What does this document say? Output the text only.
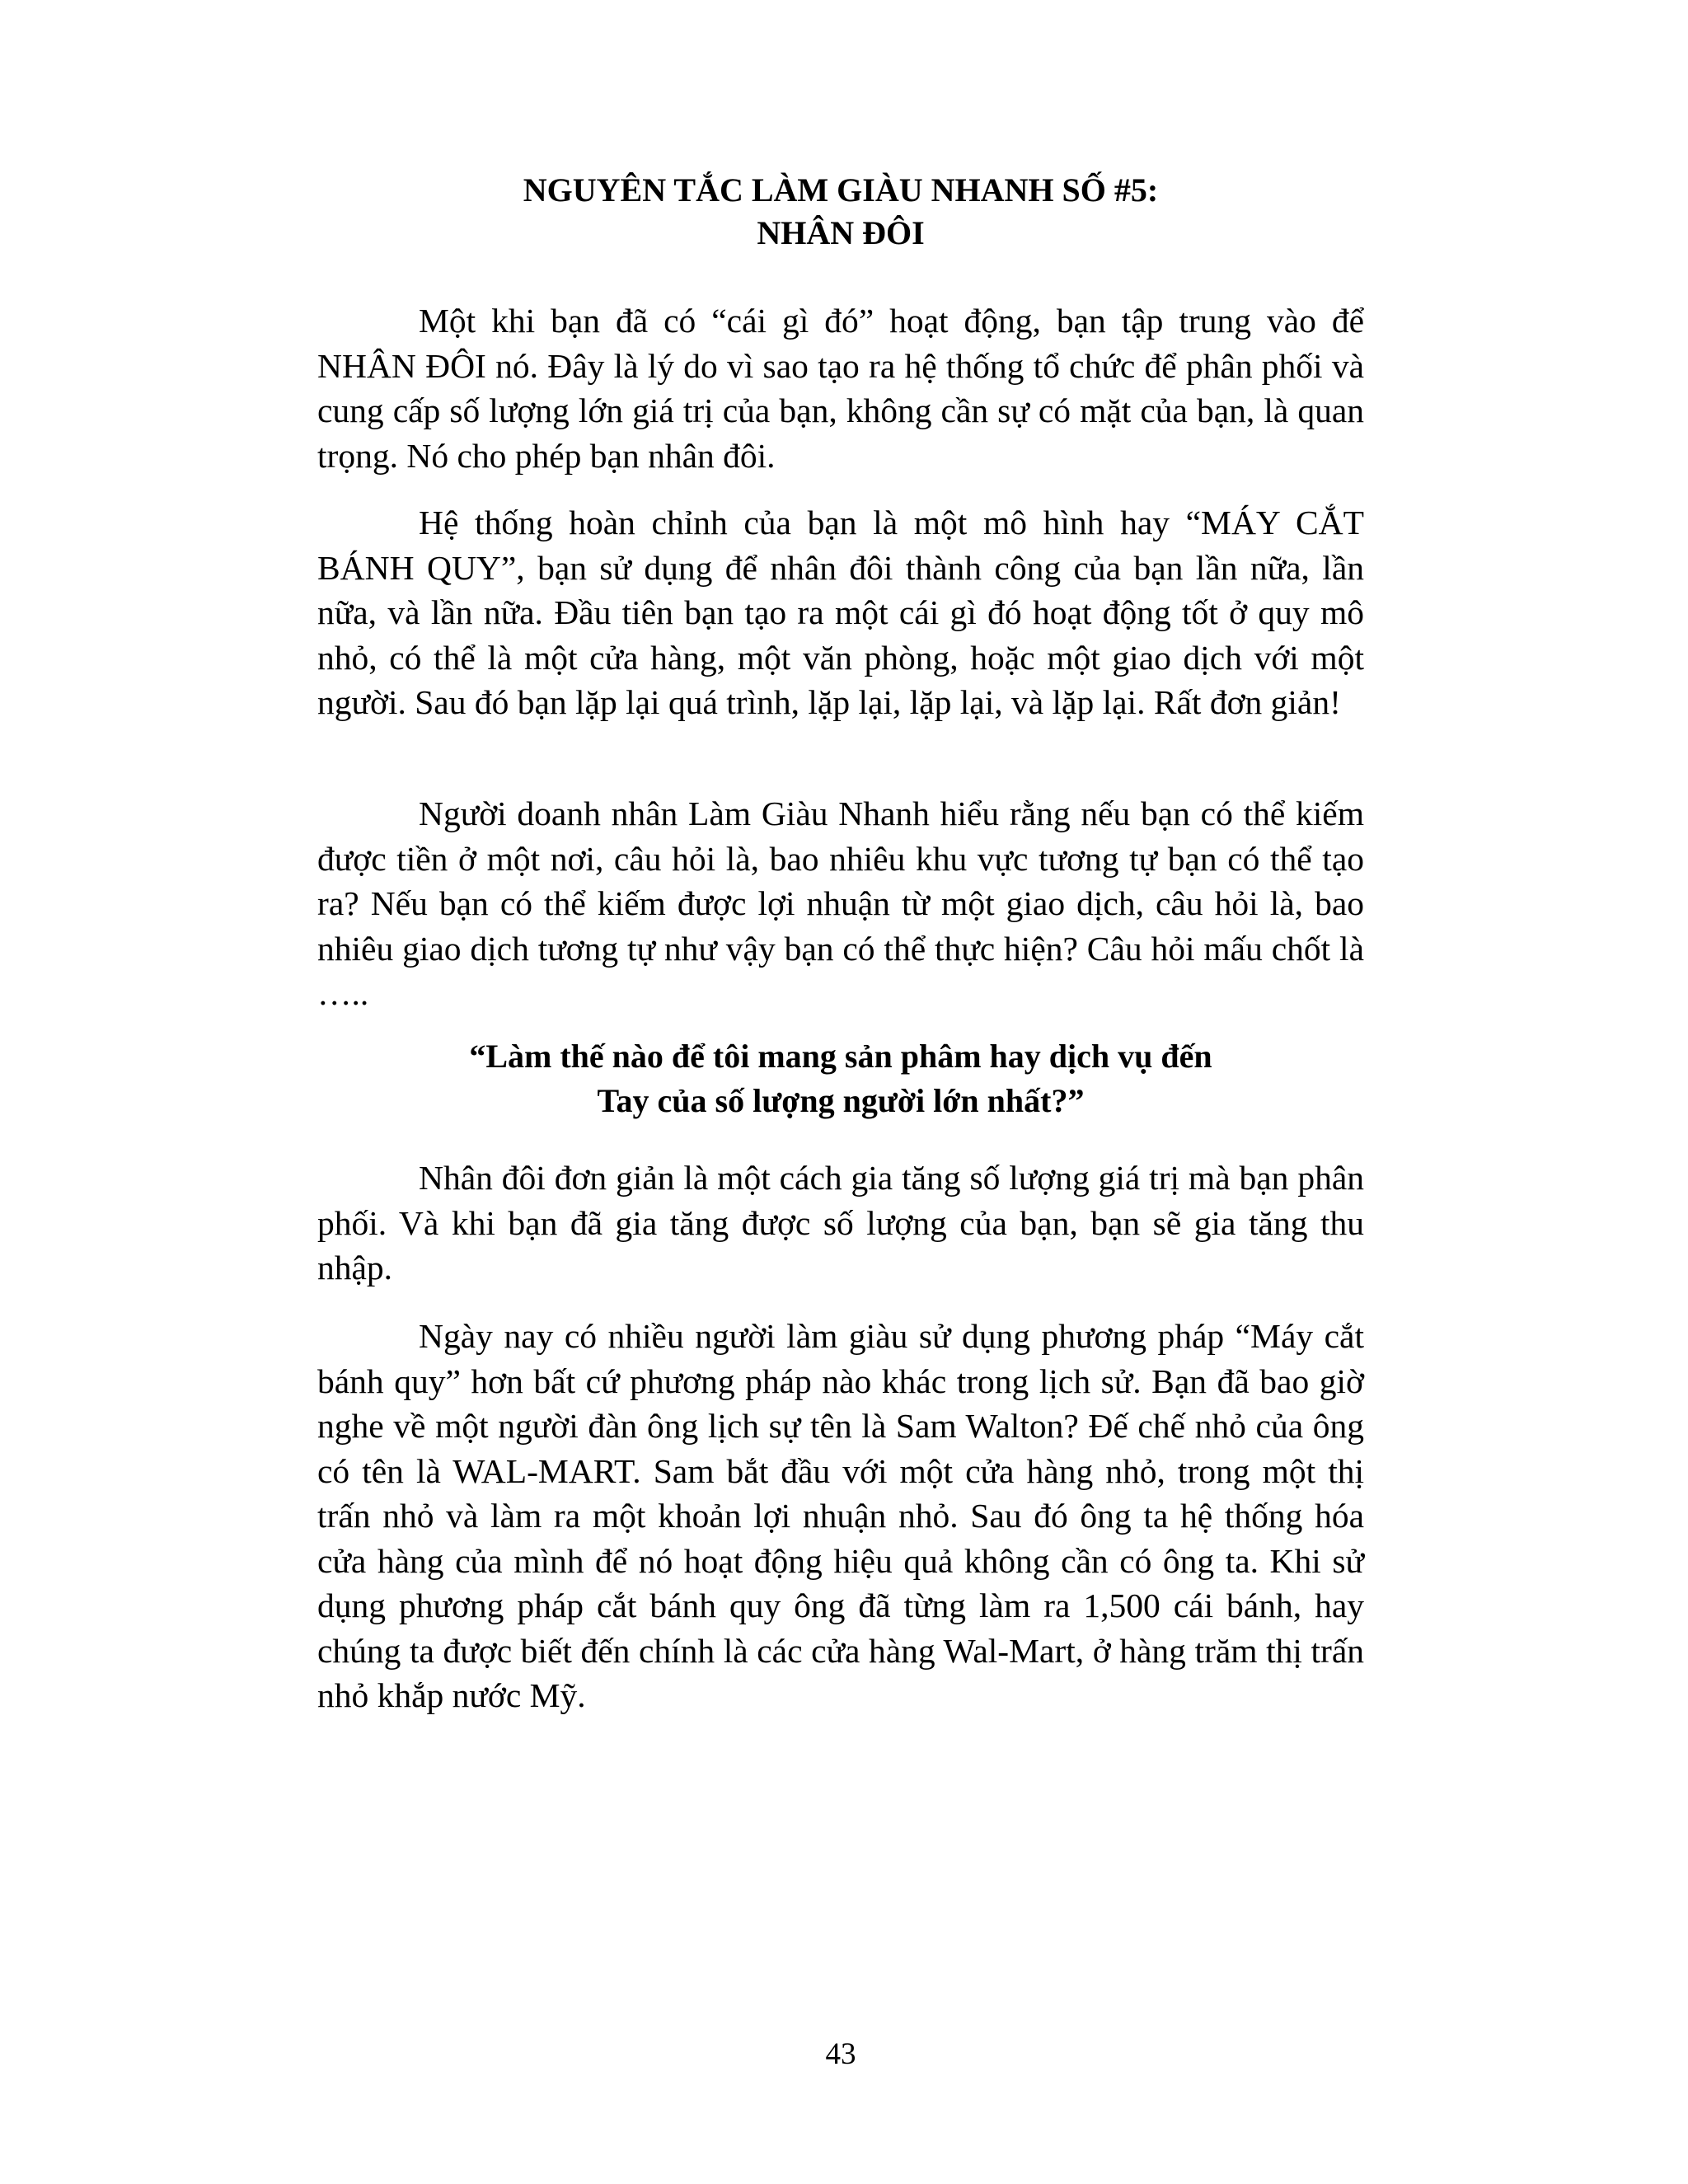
NGUYÊN TẮC LÀM GIÀU NHANH SỐ #5:
NHÂN ĐÔI

Một khi bạn đã có “cái gì đó” hoạt động, bạn tập trung vào để NHÂN ĐÔI nó. Đây là lý do vì sao tạo ra hệ thống tổ chức để phân phối và cung cấp số lượng lớn giá trị của bạn, không cần sự có mặt của bạn, là quan trọng. Nó cho phép bạn nhân đôi.

Hệ thống hoàn chỉnh của bạn là một mô hình hay “MÁY CẮT BÁNH QUY”, bạn sử dụng để nhân đôi thành công của bạn lần nữa, lần nữa, và lần nữa. Đầu tiên bạn tạo ra một cái gì đó hoạt động tốt ở quy mô nhỏ, có thể là một cửa hàng, một văn phòng, hoặc một giao dịch với một người. Sau đó bạn lặp lại quá trình, lặp lại, lặp lại, và lặp lại. Rất đơn giản!

Người doanh nhân Làm Giàu Nhanh hiểu rằng nếu bạn có thể kiếm được tiền ở một nơi, câu hỏi là, bao nhiêu khu vực tương tự bạn có thể tạo ra? Nếu bạn có thể kiếm được lợi nhuận từ một giao dịch, câu hỏi là, bao nhiêu giao dịch tương tự như vậy bạn có thể thực hiện? Câu hỏi mấu chốt là …..

“Làm thế nào để tôi mang sản phâm hay dịch vụ đến
Tay của số lượng người lớn nhất?”

Nhân đôi đơn giản là một cách gia tăng số lượng giá trị mà bạn phân phối. Và khi bạn đã gia tăng được số lượng của bạn, bạn sẽ gia tăng thu nhập.

Ngày nay có nhiều người làm giàu sử dụng phương pháp “Máy cắt bánh quy” hơn bất cứ phương pháp nào khác trong lịch sử. Bạn đã bao giờ nghe về một người đàn ông lịch sự tên là Sam Walton? Đế chế nhỏ của ông có tên là WAL-MART. Sam bắt đầu với một cửa hàng nhỏ, trong một thị trấn nhỏ và làm ra một khoản lợi nhuận nhỏ. Sau đó ông ta hệ thống hóa cửa hàng của mình để nó hoạt động hiệu quả không cần có ông ta. Khi sử dụng phương pháp cắt bánh quy ông đã từng làm ra 1,500 cái bánh, hay chúng ta được biết đến chính là các cửa hàng Wal-Mart, ở hàng trăm thị trấn nhỏ khắp nước Mỹ.

43
